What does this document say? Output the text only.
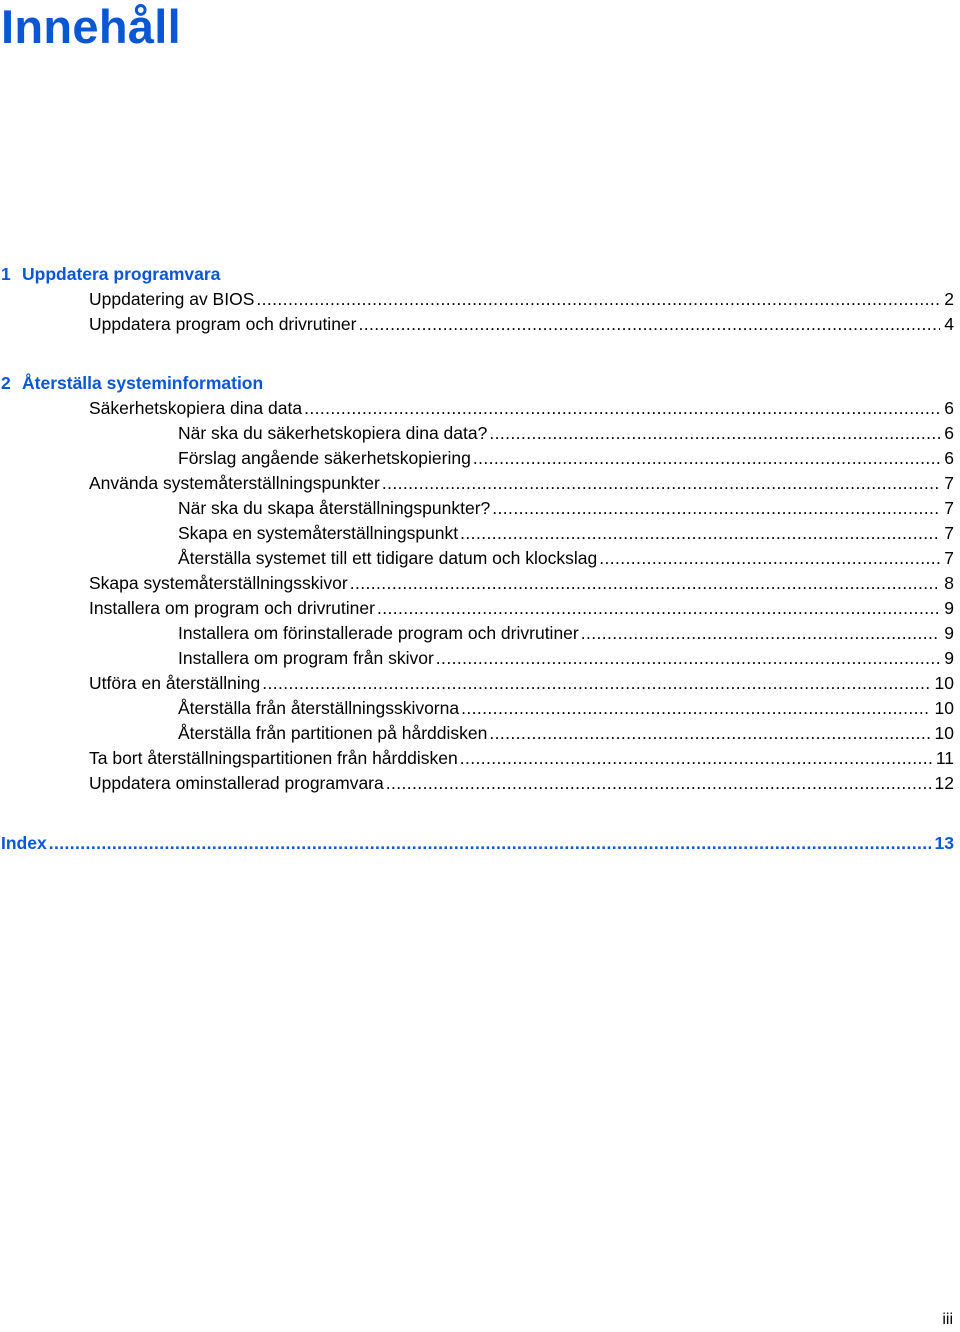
Innehåll
1 Uppdatera programvara
Uppdatering av BIOS .....	2
Uppdatera program och drivrutiner .....	4
2 Återställa systeminformation
Säkerhetskopiera dina data .....	6
När ska du säkerhetskopiera dina data? .....	6
Förslag angående säkerhetskopiering .....	6
Använda systemåterställningspunkter .....	7
När ska du skapa återställningspunkter? .....	7
Skapa en systemåterställningspunkt .....	7
Återställa systemet till ett tidigare datum och klockslag .....	7
Skapa systemåterställningsskivor .....	8
Installera om program och drivrutiner .....	9
Installera om förinstallerade program och drivrutiner .....	9
Installera om program från skivor .....	9
Utföra en återställning .....	10
Återställa från återställningsskivorna .....	10
Återställa från partitionen på hårddisken .....	10
Ta bort återställningspartitionen från hårddisken .....	11
Uppdatera ominstallerad programvara .....	12
Index .....	13
iii
